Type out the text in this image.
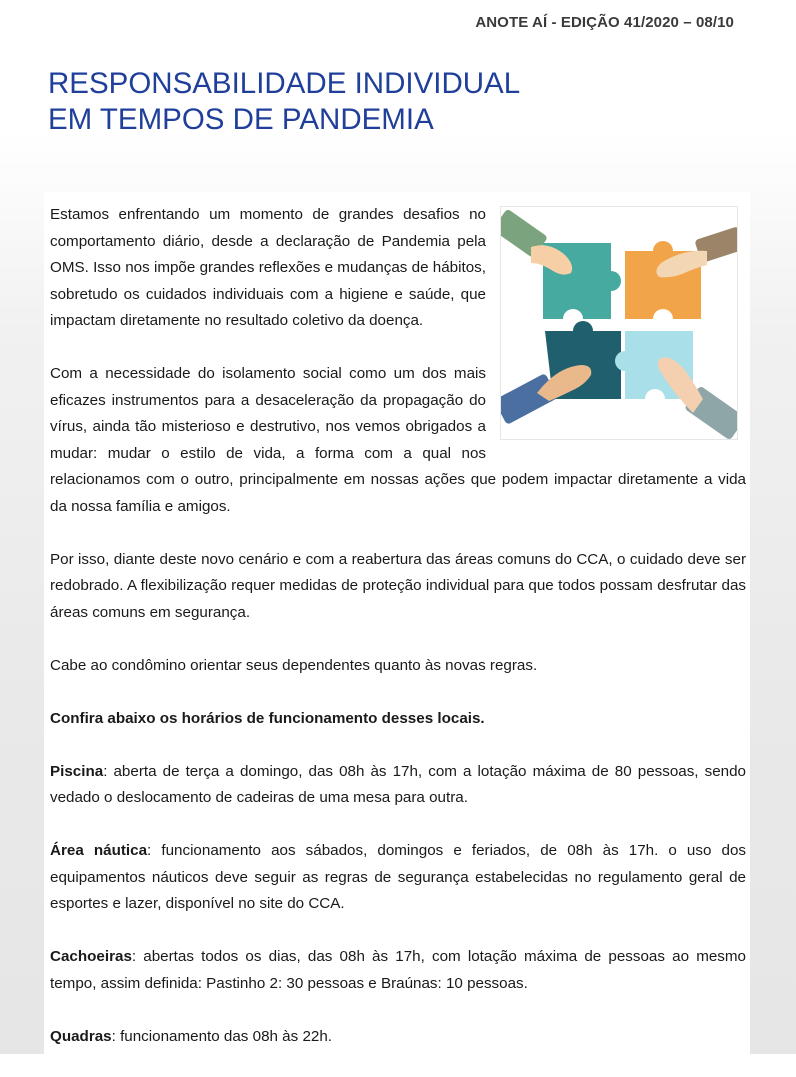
ANOTE AÍ - EDIÇÃO 41/2020 – 08/10
RESPONSABILIDADE INDIVIDUAL
EM TEMPOS DE PANDEMIA

Estamos enfrentando um momento de grandes desafios no comportamento diário, desde a declaração de Pandemia pela OMS. Isso nos impõe grandes reflexões e mudanças de hábitos, sobretudo os cuidados individuais com a higiene e saúde, que impactam diretamente no resultado coletivo da doença.

Com a necessidade do isolamento social como um dos mais eficazes instrumentos para a desaceleração da propagação do vírus, ainda tão misterioso e destrutivo, nos vemos obrigados a mudar: mudar o estilo de vida, a forma com a qual nos relacionamos com o outro, principalmente em nossas ações que podem impactar diretamente a vida da nossa família e amigos.

Por isso, diante deste novo cenário e com a reabertura das áreas comuns do CCA, o cuidado deve ser redobrado. A flexibilização requer medidas de proteção individual para que todos possam desfrutar das áreas comuns em segurança.

Cabe ao condômino orientar seus dependentes quanto às novas regras.

Confira abaixo os horários de funcionamento desses locais.

Piscina: aberta de terça a domingo, das 08h às 17h, com a lotação máxima de 80 pessoas, sendo vedado o deslocamento de cadeiras de uma mesa para outra.

Área náutica: funcionamento aos sábados, domingos e feriados, de 08h às 17h. o uso dos equipamentos náuticos deve seguir as regras de segurança estabelecidas no regulamento geral de esportes e lazer, disponível no site do CCA.

Cachoeiras: abertas todos os dias, das 08h às 17h, com lotação máxima de pessoas ao mesmo tempo, assim definida: Pastinho 2: 30 pessoas e Braúnas: 10 pessoas.

Quadras: funcionamento das 08h às 22h.
